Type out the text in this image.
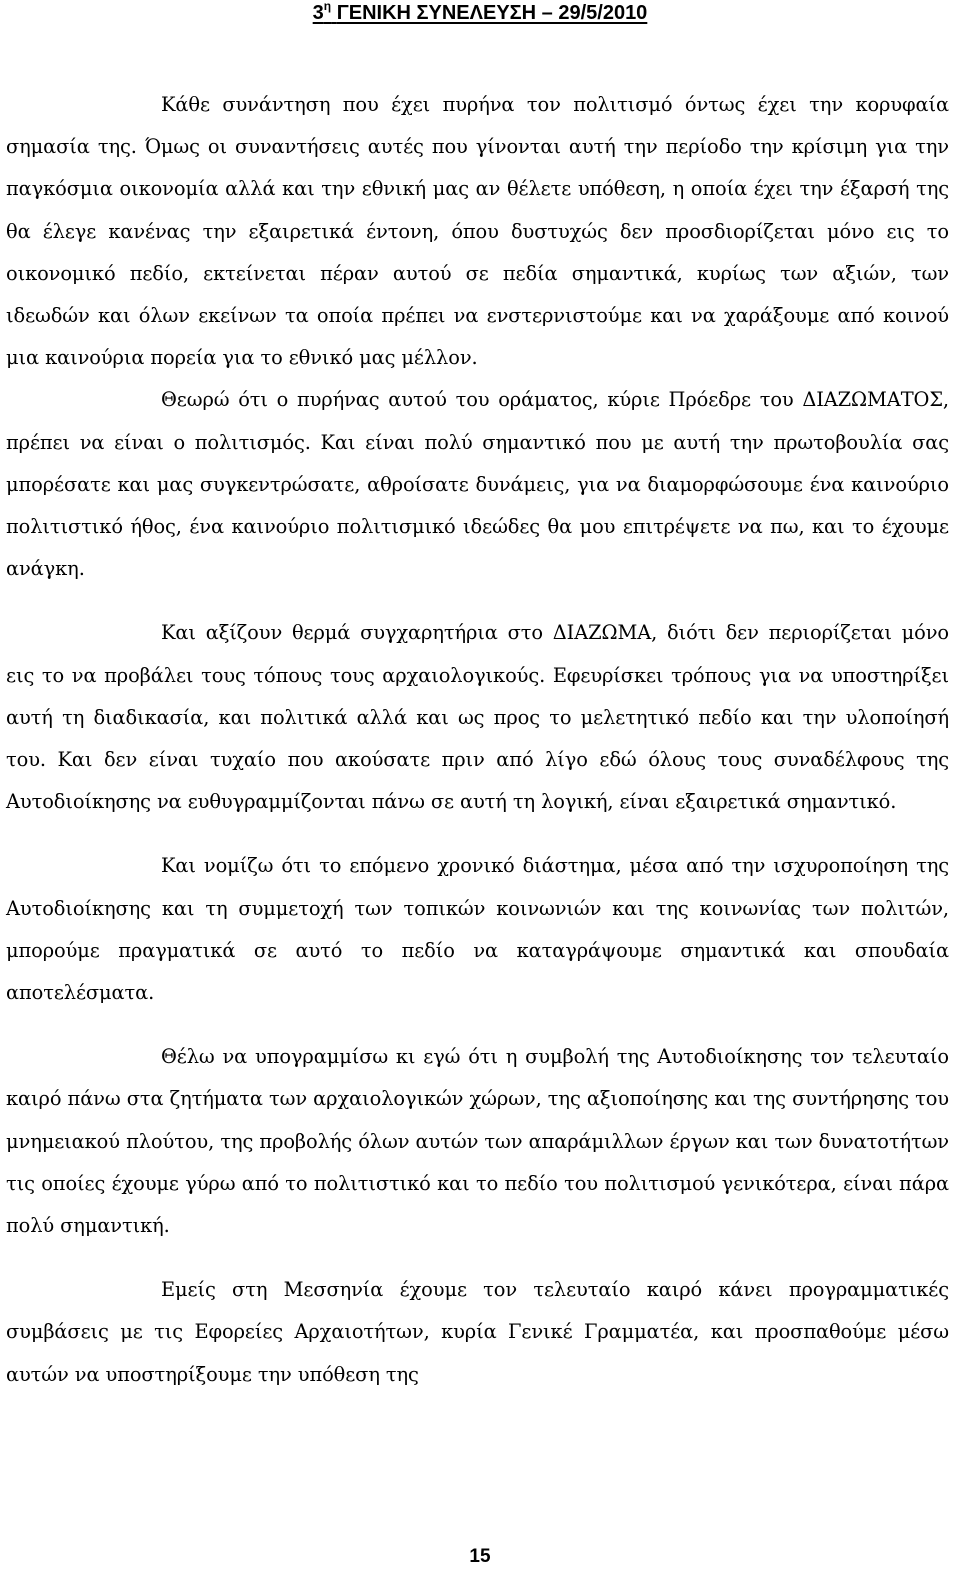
$3^\eta$ ΓΕΝΙΚΗ ΣΥΝΕΛΕΥΣΗ – 29/5/2010

Κάθε συνάντηση που έχει πυρήνα τον πολιτισμό όντως έχει την κορυφαία σημασία της. Όμως οι συναντήσεις αυτές που γίνονται αυτή την περίοδο την κρίσιμη για την παγκόσμια οικονομία αλλά και την εθνική μας αν θέλετε υπόθεση, η οποία έχει την έξαρσή της θα έλεγε κανένας την εξαιρετικά έντονη, όπου δυστυχώς δεν προσδιορίζεται μόνο εις το οικονομικό πεδίο, εκτείνεται πέραν αυτού σε πεδία σημαντικά, κυρίως των αξιών, των ιδεωδών και όλων εκείνων τα οποία πρέπει να ενστερνιστούμε και να χαράξουμε από κοινού μια καινούρια πορεία για το εθνικό μας μέλλον.

Θεωρώ ότι ο πυρήνας αυτού του οράματος, κύριε Πρόεδρε του ΔΙΑΖΩΜΑΤΟΣ, πρέπει να είναι ο πολιτισμός. Και είναι πολύ σημαντικό που με αυτή την πρωτοβουλία σας μπορέσατε και μας συγκεντρώσατε, αθροίσατε δυνάμεις, για να διαμορφώσουμε ένα καινούριο πολιτιστικό ήθος, ένα καινούριο πολιτισμικό ιδεώδες θα μου επιτρέψετε να πω, και το έχουμε ανάγκη.

Και αξίζουν θερμά συγχαρητήρια στο ΔΙΑΖΩΜΑ, διότι δεν περιορίζεται μόνο εις το να προβάλει τους τόπους τους αρχαιολογικούς. Εφευρίσκει τρόπους για να υποστηρίξει αυτή τη διαδικασία, και πολιτικά αλλά και ως προς το μελετητικό πεδίο και την υλοποίησή του. Και δεν είναι τυχαίο που ακούσατε πριν από λίγο εδώ όλους τους συναδέλφους της Αυτοδιοίκησης να ευθυγραμμίζονται πάνω σε αυτή τη λογική, είναι εξαιρετικά σημαντικό.

Και νομίζω ότι το επόμενο χρονικό διάστημα, μέσα από την ισχυροποίηση της Αυτοδιοίκησης και τη συμμετοχή των τοπικών κοινωνιών και της κοινωνίας των πολιτών, μπορούμε πραγματικά σε αυτό το πεδίο να καταγράψουμε σημαντικά και σπουδαία αποτελέσματα.

Θέλω να υπογραμμίσω κι εγώ ότι η συμβολή της Αυτοδιοίκησης τον τελευταίο καιρό πάνω στα ζητήματα των αρχαιολογικών χώρων, της αξιοποίησης και της συντήρησης του μνημειακού πλούτου, της προβολής όλων αυτών των απαράμιλλων έργων και των δυνατοτήτων τις οποίες έχουμε γύρω από το πολιτιστικό και το πεδίο του πολιτισμού γενικότερα, είναι πάρα πολύ σημαντική.

Εμείς στη Μεσσηνία έχουμε τον τελευταίο καιρό κάνει προγραμματικές συμβάσεις με τις Εφορείες Αρχαιοτήτων, κυρία Γενικέ Γραμματέα, και προσπαθούμε μέσω αυτών να υποστηρίξουμε την υπόθεση της

15
